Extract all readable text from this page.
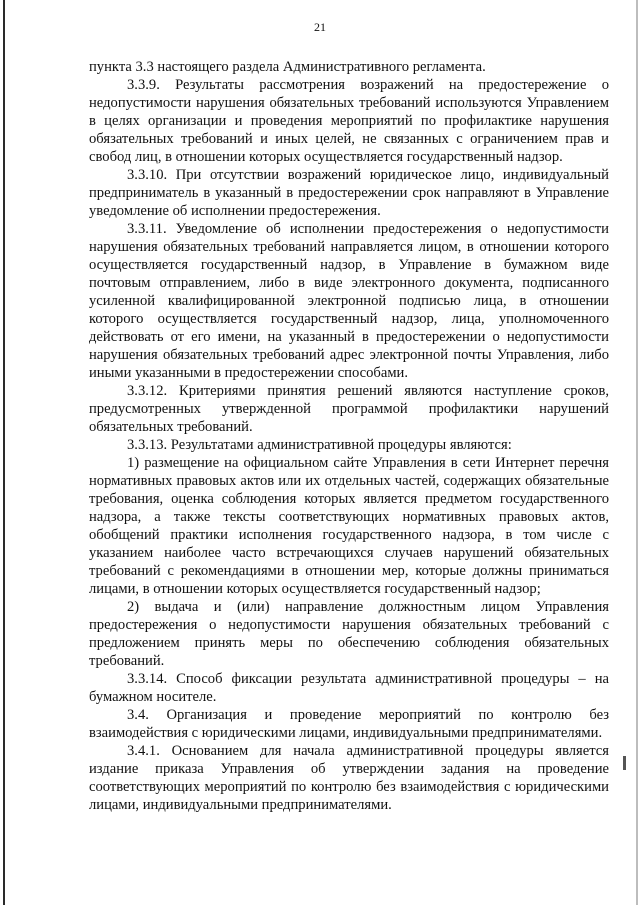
21

пункта 3.3 настоящего раздела Административного регламента.

3.3.9. Результаты рассмотрения возражений на предостережение о недопустимости нарушения обязательных требований используются Управлением в целях организации и проведения мероприятий по профилактике нарушения обязательных требований и иных целей, не связанных с ограничением прав и свобод лиц, в отношении которых осуществляется государственный надзор.

3.3.10. При отсутствии возражений юридическое лицо, индивидуальный предприниматель в указанный в предостережении срок направляют в Управление уведомление об исполнении предостережения.

3.3.11. Уведомление об исполнении предостережения о недопустимости нарушения обязательных требований направляется лицом, в отношении которого осуществляется государственный надзор, в Управление в бумажном виде почтовым отправлением, либо в виде электронного документа, подписанного усиленной квалифицированной электронной подписью лица, в отношении которого осуществляется государственный надзор, лица, уполномоченного действовать от его имени, на указанный в предостережении о недопустимости нарушения обязательных требований адрес электронной почты Управления, либо иными указанными в предостережении способами.

3.3.12. Критериями принятия решений являются наступление сроков, предусмотренных утвержденной программой профилактики нарушений обязательных требований.

3.3.13. Результатами административной процедуры являются:

1) размещение на официальном сайте Управления в сети Интернет перечня нормативных правовых актов или их отдельных частей, содержащих обязательные требования, оценка соблюдения которых является предметом государственного надзора, а также тексты соответствующих нормативных правовых актов, обобщений практики исполнения государственного надзора, в том числе с указанием наиболее часто встречающихся случаев нарушений обязательных требований с рекомендациями в отношении мер, которые должны приниматься лицами, в отношении которых осуществляется государственный надзор;

2) выдача и (или) направление должностным лицом Управления предостережения о недопустимости нарушения обязательных требований с предложением принять меры по обеспечению соблюдения обязательных требований.

3.3.14. Способ фиксации результата административной процедуры – на бумажном носителе.

3.4. Организация и проведение мероприятий по контролю без взаимодействия с юридическими лицами, индивидуальными предпринимателями.

3.4.1. Основанием для начала административной процедуры является издание приказа Управления об утверждении задания на проведение соответствующих мероприятий по контролю без взаимодействия с юридическими лицами, индивидуальными предпринимателями.
